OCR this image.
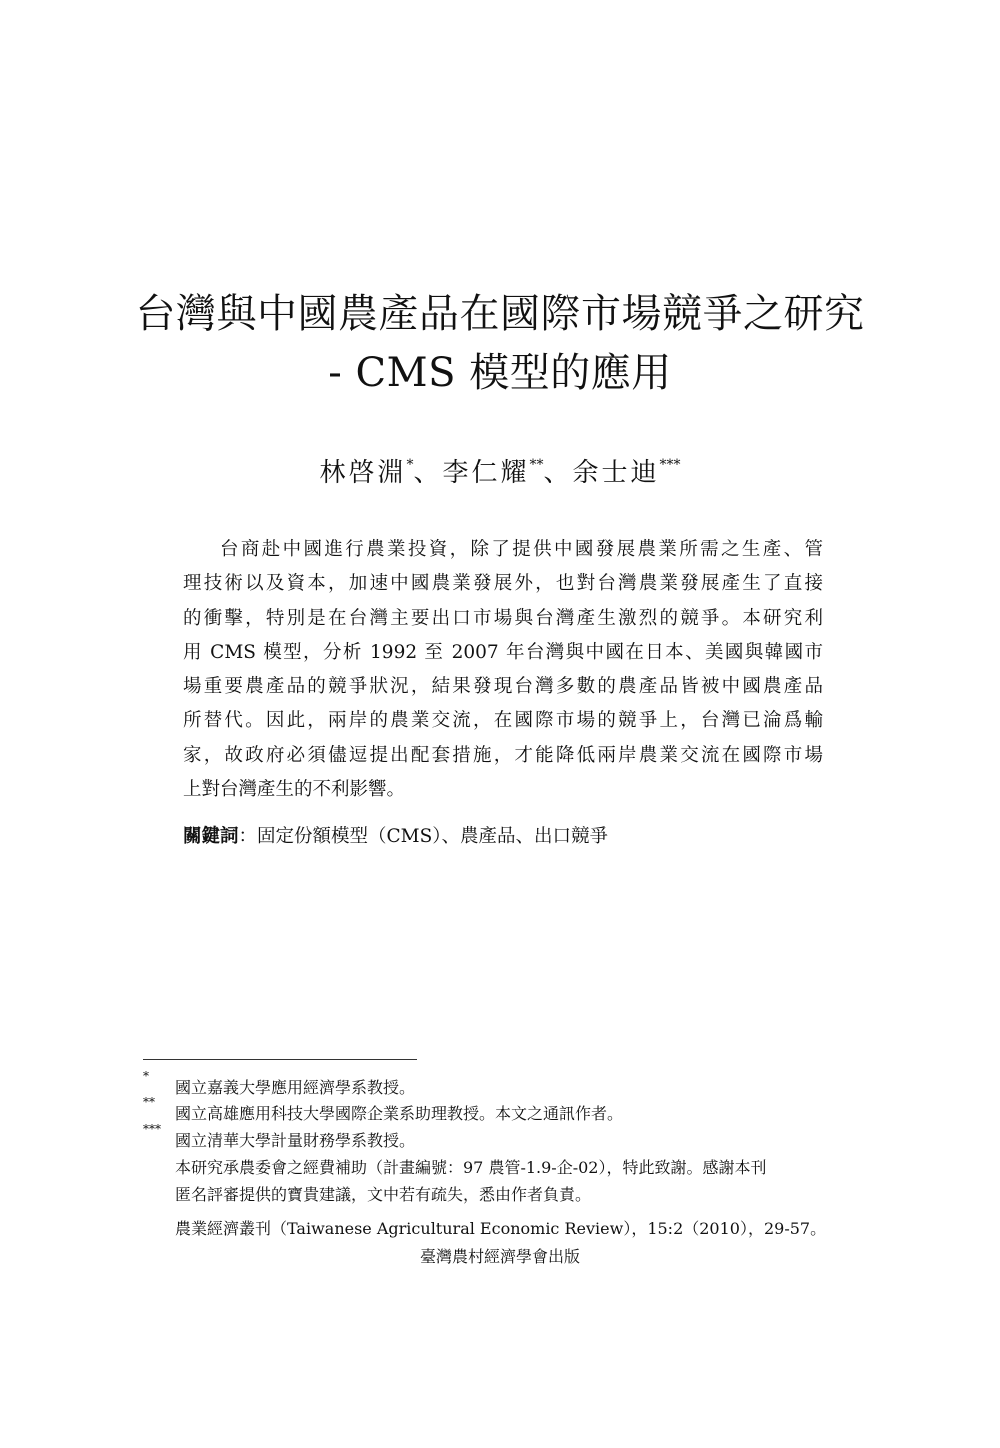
台灣與中國農產品在國際市場競爭之研究
- CMS 模型的應用
林啓淵*、李仁耀**、余士迪***
台商赴中國進行農業投資，除了提供中國發展農業所需之生產、管
理技術以及資本，加速中國農業發展外，也對台灣農業發展產生了直接
的衝擊，特別是在台灣主要出口市場與台灣產生激烈的競爭。本研究利
用 CMS 模型，分析 1992 至 2007 年台灣與中國在日本、美國與韓國市
場重要農產品的競爭狀況，結果發現台灣多數的農產品皆被中國農產品
所替代。因此，兩岸的農業交流，在國際市場的競爭上，台灣已淪爲輸
家，故政府必須儘逗提出配套措施，才能降低兩岸農業交流在國際市場
上對台灣產生的不利影響。
關鍵詞：固定份額模型（CMS）、農產品、出口競爭
*
國立嘉義大學應用經濟學系教授。
**
國立高雄應用科技大學國際企業系助理教授。本文之通訊作者。
***
國立清華大學計量財務學系教授。
本研究承農委會之經費補助（計畫編號：97 農管-1.9-企-02），特此致謝。感謝本刊
匿名評審提供的寶貴建議，文中若有疏失，悉由作者負責。
農業經濟叢刊（Taiwanese Agricultural Economic Review），15:2（2010），29-57。
臺灣農村經濟學會出版
